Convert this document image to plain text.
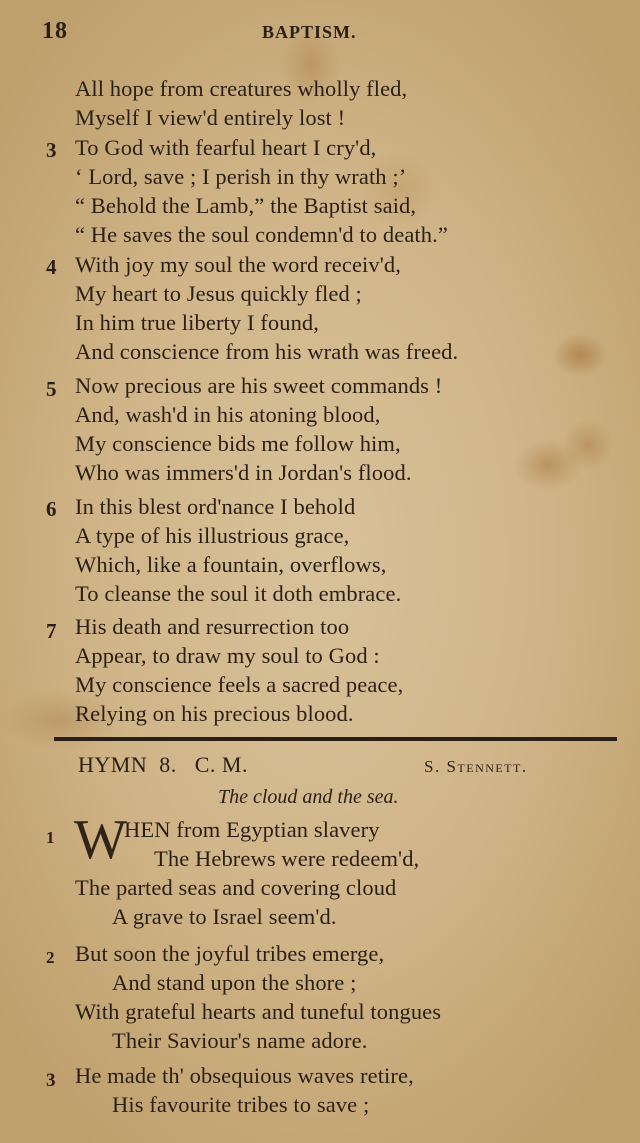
18	BAPTISM.
All hope from creatures wholly fled,
Myself I view'd entirely lost !
3 To God with fearful heart I cry'd,
‘ Lord, save ; I perish in thy wrath ;’
“ Behold the Lamb,” the Baptist said,
“ He saves the soul condemn'd to death.”
4 With joy my soul the word receiv'd,
My heart to Jesus quickly fled ;
In him true liberty I found,
And conscience from his wrath was freed.
5 Now precious are his sweet commands !
And, wash'd in his atoning blood,
My conscience bids me follow him,
Who was immers'd in Jordan's flood.
6 In this blest ord'nance I behold
A type of his illustrious grace,
Which, like a fountain, overflows,
To cleanse the soul it doth embrace.
7 His death and resurrection too
Appear, to draw my soul to God :
My conscience feels a sacred peace,
Relying on his precious blood.
HYMN  8.   C. M.	S. Stennett.
The cloud and the sea.
1 W
HEN from Egyptian slavery
The Hebrews were redeem'd,
The parted seas and covering cloud
A grave to Israel seem'd.
2 But soon the joyful tribes emerge,
And stand upon the shore ;
With grateful hearts and tuneful tongues
Their Saviour's name adore.
3 He made th' obsequious waves retire,
His favourite tribes to save ;
